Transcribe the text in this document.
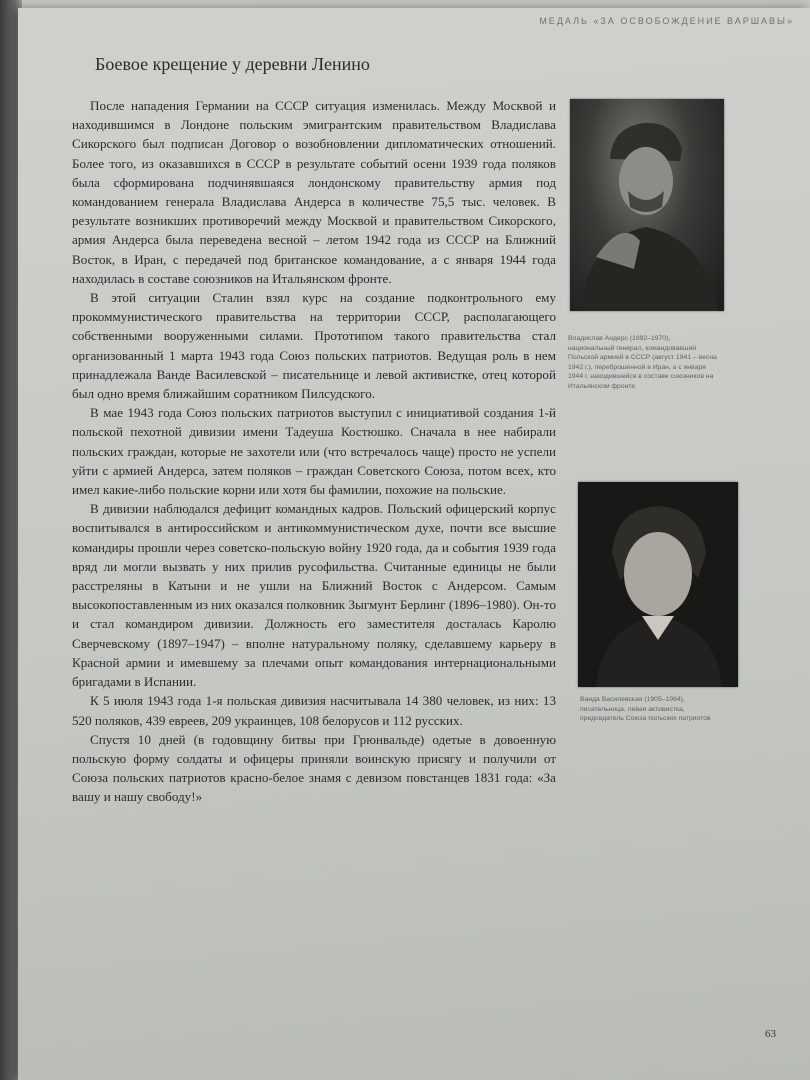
МЕДАЛЬ «ЗА ОСВОБОЖДЕНИЕ ВАРШАВЫ»
Боевое крещение у деревни Ленино

После нападения Германии на СССР ситуация изменилась. Между Москвой и находившимся в Лондоне польским эмигрантским правительством Владислава Сикорского был подписан Договор о возобновлении дипломатических отношений. Более того, из оказавшихся в СССР в результате событий осени 1939 года поляков была сформирована подчинявшаяся лондонскому правительству армия под командованием генерала Владислава Андерса в количестве 75,5 тыс. человек. В результате возникших противоречий между Москвой и правительством Сикорского, армия Андерса была переведена весной – летом 1942 года из СССР на Ближний Восток, в Иран, с передачей под британское командование, а с января 1944 года находилась в составе союзников на Итальянском фронте.

В этой ситуации Сталин взял курс на создание подконтрольного ему прокоммунистического правительства на территории СССР, располагающего собственными вооруженными силами. Прототипом такого правительства стал организованный 1 марта 1943 года Союз польских патриотов. Ведущая роль в нем принадлежала Ванде Василевской – писательнице и левой активистке, отец которой был одно время ближайшим соратником Пилсудского.

В мае 1943 года Союз польских патриотов выступил с инициативой создания 1-й польской пехотной дивизии имени Тадеуша Костюшко. Сначала в нее набирали польских граждан, которые не захотели или (что встречалось чаще) просто не успели уйти с армией Андерса, затем поляков – граждан Советского Союза, потом всех, кто имел какие-либо польские корни или хотя бы фамилии, похожие на польские.

В дивизии наблюдался дефицит командных кадров. Польский офицерский корпус воспитывался в антироссийском и антикоммунистическом духе, почти все высшие командиры прошли через советско-польскую войну 1920 года, да и события 1939 года вряд ли могли вызвать у них прилив русофильства. Считанные единицы не были расстреляны в Катыни и не ушли на Ближний Восток с Андерсом. Самым высокопоставленным из них оказался полковник Зыгмунт Берлинг (1896–1980). Он-то и стал командиром дивизии. Должность его заместителя досталась Каролю Сверчевскому (1897–1947) – вполне натуральному поляку, сделавшему карьеру в Красной армии и имевшему за плечами опыт командования интернациональными бригадами в Испании.

К 5 июля 1943 года 1-я польская дивизия насчитывала 14 380 человек, из них: 13 520 поляков, 439 евреев, 209 украинцев, 108 белорусов и 112 русских.

Спустя 10 дней (в годовщину битвы при Грюнвальде) одетые в довоенную польскую форму солдаты и офицеры приняли воинскую присягу и получили от Союза польских патриотов красно-белое знамя с девизом повстанцев 1831 года: «За вашу и нашу свободу!»

Владислав Андерс (1892–1970), национальный генерал, командовавший Польской армией в СССР (август 1941 – весна 1942 г.), переброшенной в Иран, а с января 1944 г. находившейся в составе союзников на Итальянском фронте
Ванда Василевская (1905–1964), писательница, левая активистка, председатель Союза польских патриотов
63
